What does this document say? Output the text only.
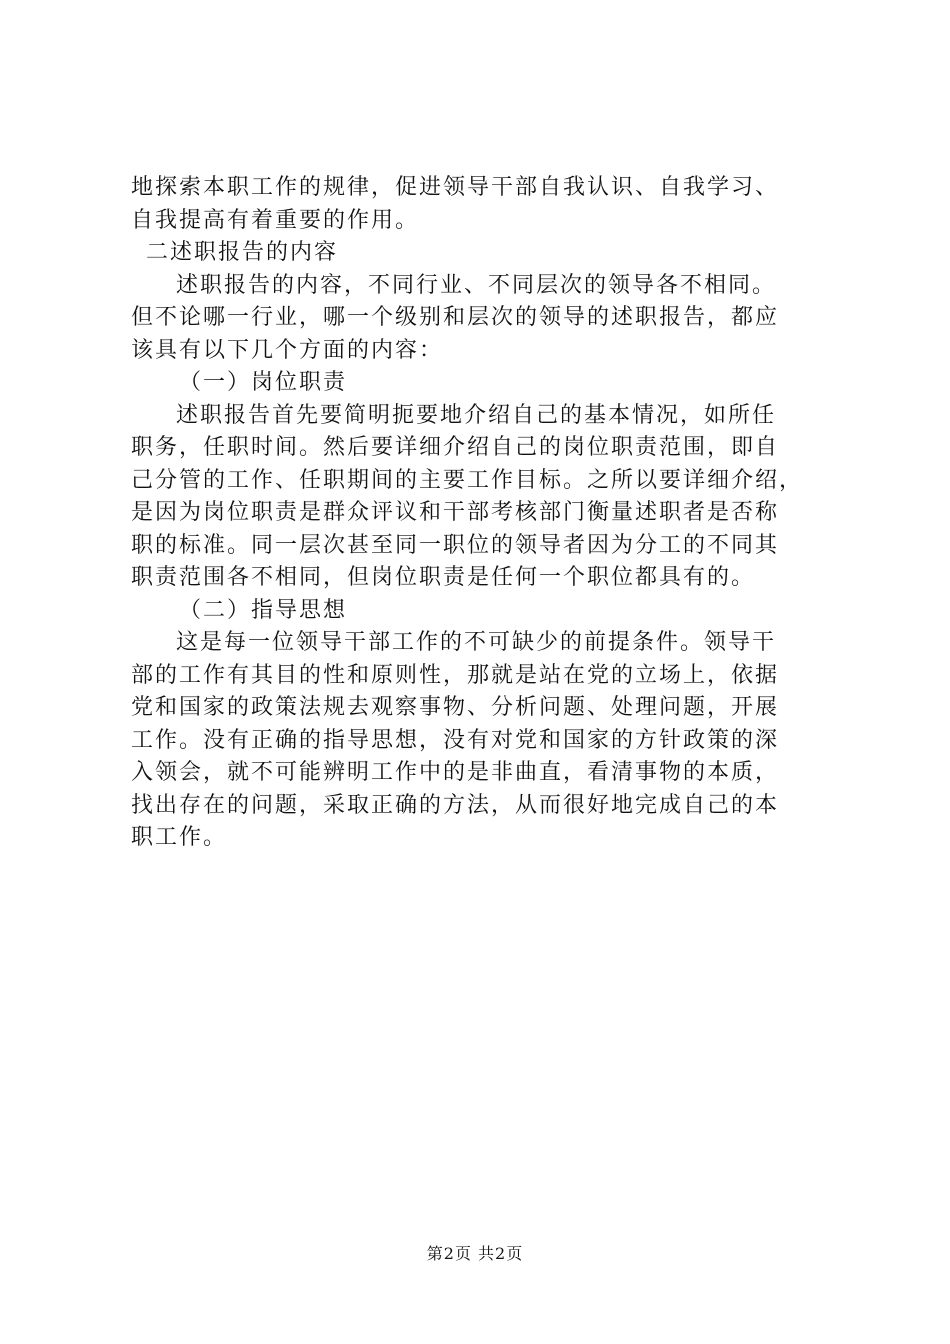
地探索本职工作的规律，促进领导干部自我认识、自我学习、
自我提高有着重要的作用。
二述职报告的内容
述职报告的内容，不同行业、不同层次的领导各不相同。
但不论哪一行业，哪一个级别和层次的领导的述职报告，都应
该具有以下几个方面的内容：
（一）岗位职责
述职报告首先要简明扼要地介绍自己的基本情况，如所任
职务，任职时间。然后要详细介绍自己的岗位职责范围，即自
己分管的工作、任职期间的主要工作目标。之所以要详细介绍，
是因为岗位职责是群众评议和干部考核部门衡量述职者是否称
职的标准。同一层次甚至同一职位的领导者因为分工的不同其
职责范围各不相同，但岗位职责是任何一个职位都具有的。
（二）指导思想
这是每一位领导干部工作的不可缺少的前提条件。领导干
部的工作有其目的性和原则性，那就是站在党的立场上，依据
党和国家的政策法规去观察事物、分析问题、处理问题，开展
工作。没有正确的指导思想，没有对党和国家的方针政策的深
入领会，就不可能辨明工作中的是非曲直，看清事物的本质，
找出存在的问题，采取正确的方法，从而很好地完成自己的本
职工作。
第2页 共2页
